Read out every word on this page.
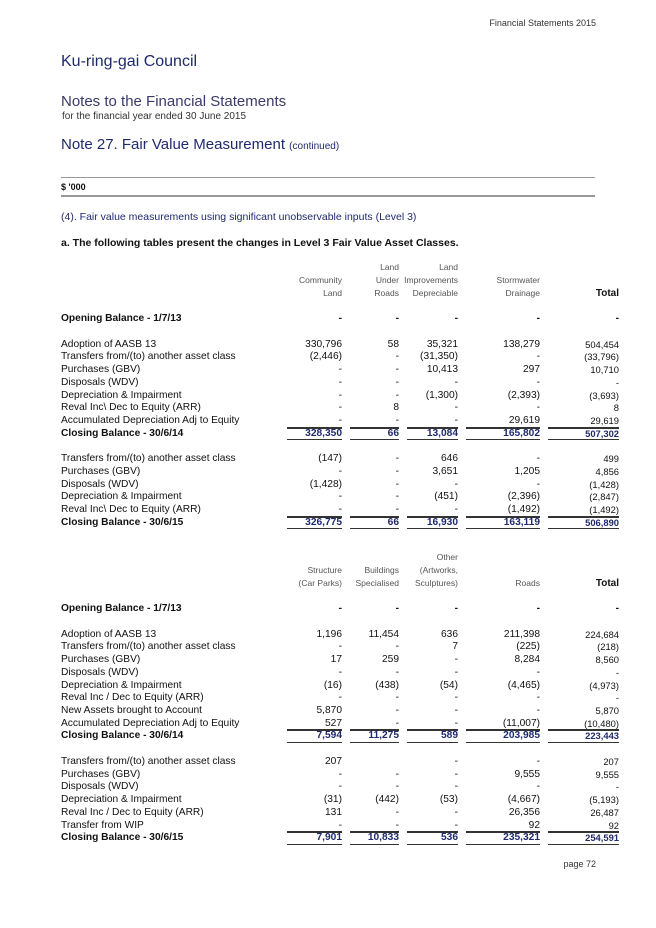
Financial Statements 2015
Ku-ring-gai Council
Notes to the Financial Statements
for the financial year ended 30 June 2015
Note 27. Fair Value Measurement (continued)
$ '000
(4). Fair value measurements using significant unobservable inputs (Level 3)
a. The following tables present the changes in Level 3 Fair Value Asset Classes.
		Land	Land		
	Community	Under	Improvements	Stormwater	
	Land	Roads	Depreciable	Drainage	Total

Opening Balance - 1/7/13	-	-	-	-	-

Adoption of AASB 13	330,796	58	35,321	138,279	504,454
Transfers from/(to) another asset class	(2,446)	-	(31,350)	-	(33,796)
Purchases (GBV)	-	-	10,413	297	10,710
Disposals (WDV)	-	-	-	-	-
Depreciation & Impairment	-	-	(1,300)	(2,393)	(3,693)
Reval Inc\ Dec to Equity (ARR)	-	8	-	-	8
Accumulated Depreciation Adj to Equity	-	-	-	29,619	29,619

Closing Balance - 30/6/14	328,350	66	13,084	165,802	507,302

Transfers from/(to) another asset class	(147)	-	646	-	499
Purchases (GBV)	-	-	3,651	1,205	4,856
Disposals (WDV)	(1,428)	-	-	-	(1,428)
Depreciation & Impairment	-	-	(451)	(2,396)	(2,847)
Reval Inc\ Dec to Equity (ARR)	-	-	-	(1,492)	(1,492)

Closing Balance - 30/6/15	326,775	66	16,930	163,119	506,890
			Other		
	Structure	Buildings	(Artworks,		
	(Car Parks)	Specialised	Sculptures)	Roads	Total

Opening Balance - 1/7/13	-	-	-	-	-

Adoption of AASB 13	1,196	11,454	636	211,398	224,684
Transfers from/(to) another asset class	-	-	7	(225)	(218)
Purchases (GBV)	17	259	-	8,284	8,560
Disposals (WDV)	-	-	-	-	-
Depreciation & Impairment	(16)	(438)	(54)	(4,465)	(4,973)
Reval Inc / Dec to Equity (ARR)	-	-	-	-	-
New Assets brought to Account	5,870	-	-	-	5,870
Accumulated Depreciation Adj to Equity	527	-	-	(11,007)	(10,480)

Closing Balance - 30/6/14	7,594	11,275	589	203,985	223,443

Transfers from/(to) another asset class	207		-	-	207
Purchases (GBV)	-	-	-	9,555	9,555
Disposals (WDV)	-	-	-	-	-
Depreciation & Impairment	(31)	(442)	(53)	(4,667)	(5,193)
Reval Inc / Dec to Equity (ARR)	131	-	-	26,356	26,487
Transfer from WIP	-	-	-	92	92

Closing Balance - 30/6/15	7,901	10,833	536	235,321	254,591
page 72
